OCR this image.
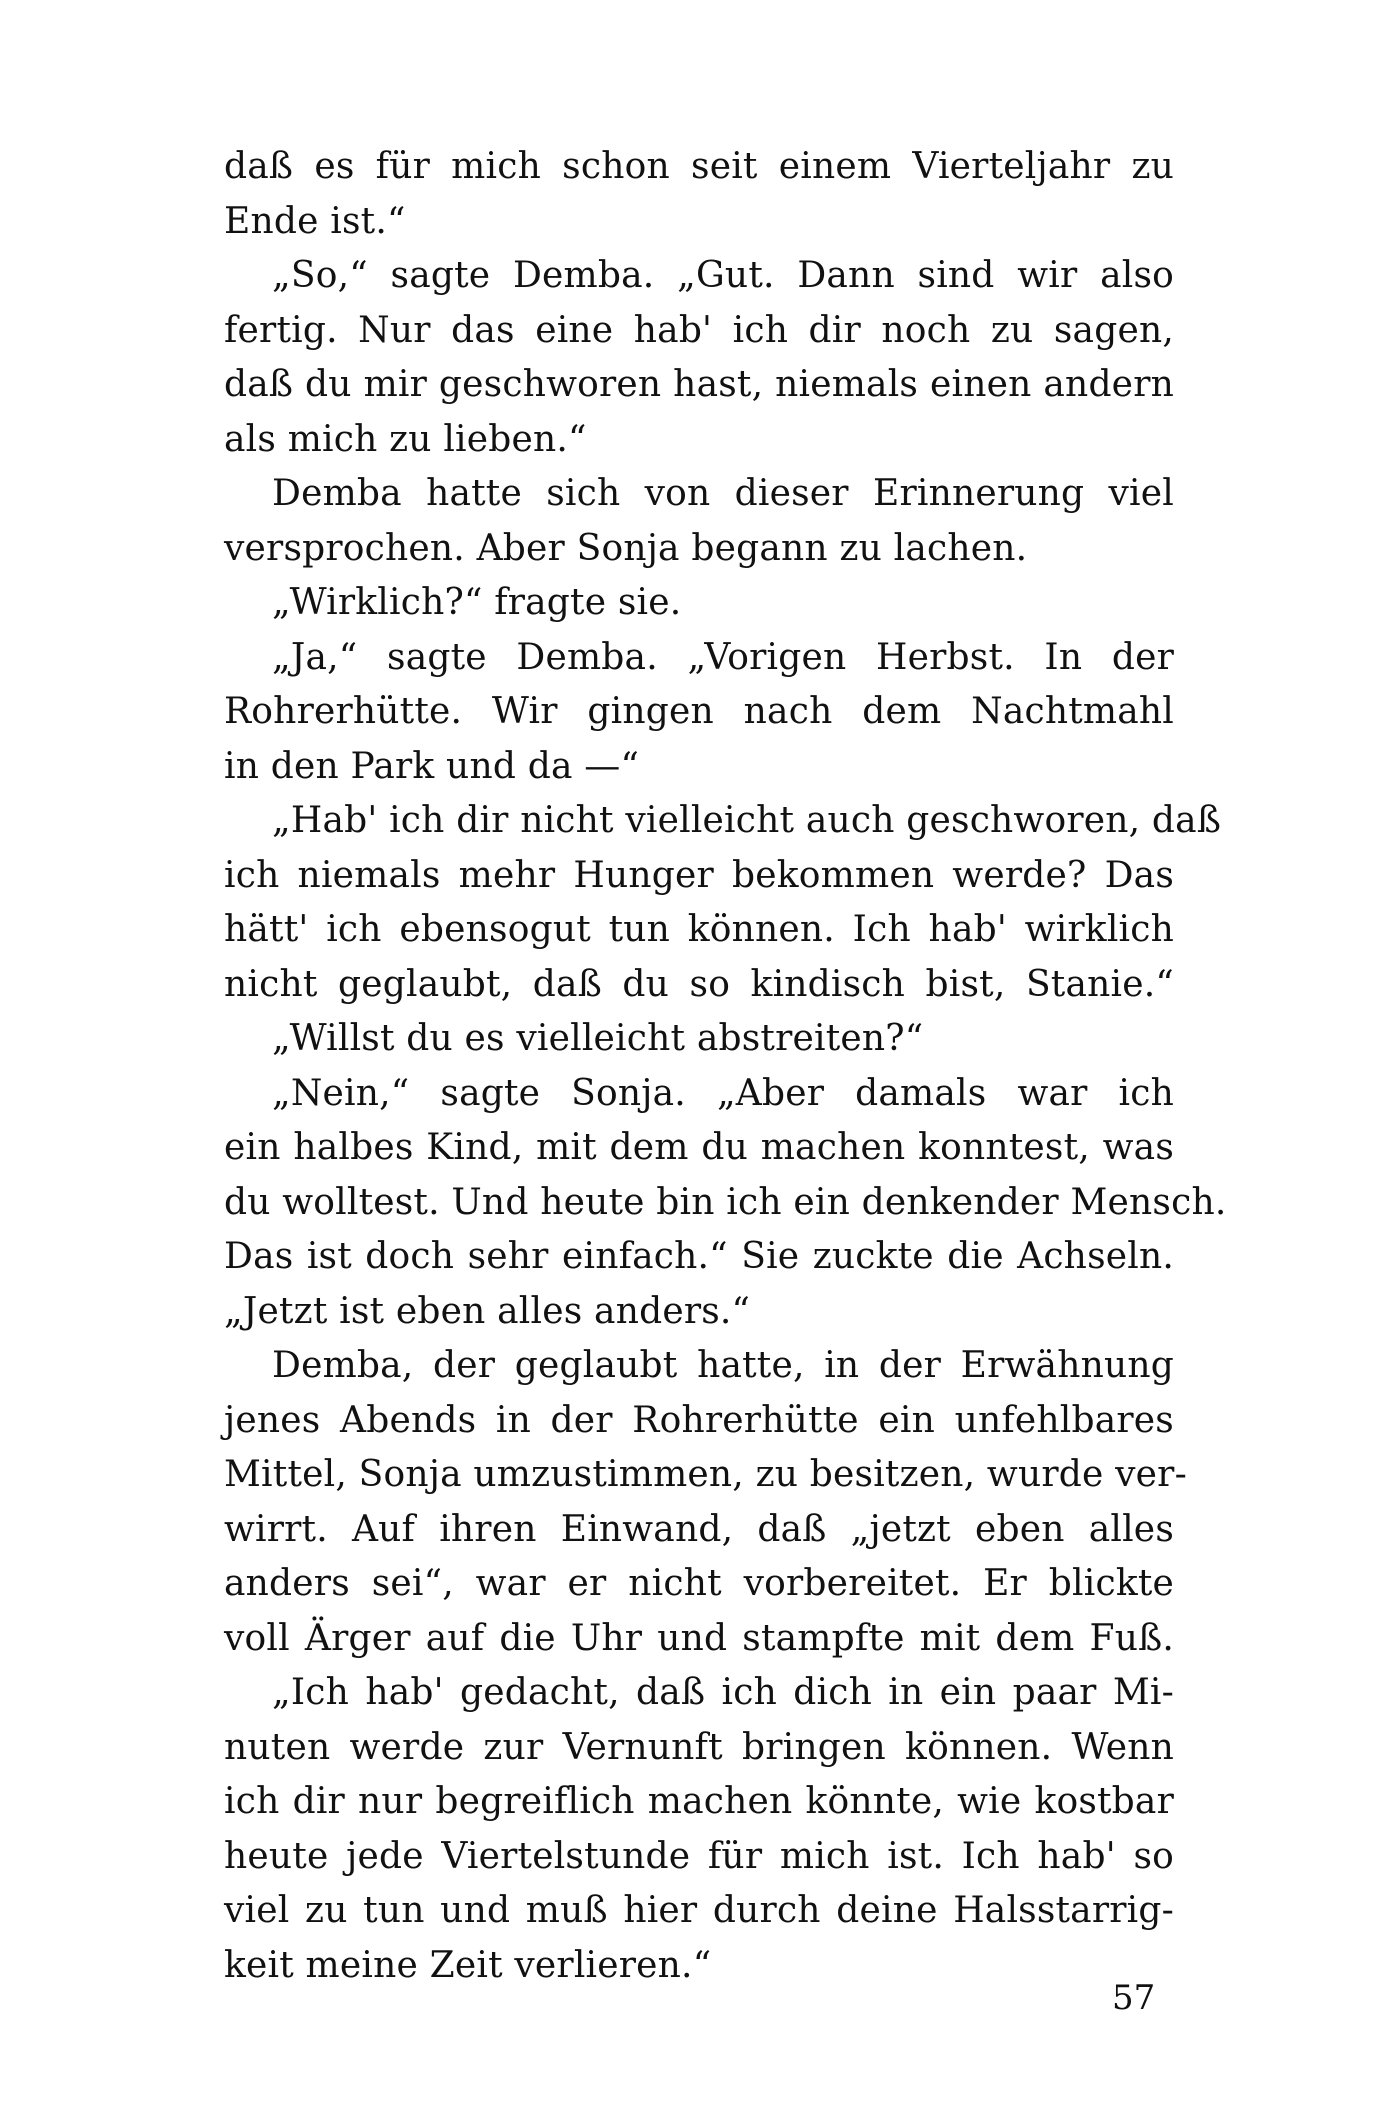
daß es für mich schon seit einem Vierteljahr zu
Ende ist.“
„So,“ sagte Demba. „Gut. Dann sind wir also
fertig. Nur das eine hab' ich dir noch zu sagen,
daß du mir geschworen hast, niemals einen andern
als mich zu lieben.“
Demba hatte sich von dieser Erinnerung viel
versprochen. Aber Sonja begann zu lachen.
„Wirklich?“ fragte sie.
„Ja,“ sagte Demba. „Vorigen Herbst. In der
Rohrerhütte. Wir gingen nach dem Nachtmahl
in den Park und da —“
„Hab' ich dir nicht vielleicht auch geschworen, daß
ich niemals mehr Hunger bekommen werde? Das
hätt' ich ebensogut tun können. Ich hab' wirklich
nicht geglaubt, daß du so kindisch bist, Stanie.“
„Willst du es vielleicht abstreiten?“
„Nein,“ sagte Sonja. „Aber damals war ich
ein halbes Kind, mit dem du machen konntest, was
du wolltest. Und heute bin ich ein denkender Mensch.
Das ist doch sehr einfach.“ Sie zuckte die Achseln.
„Jetzt ist eben alles anders.“
Demba, der geglaubt hatte, in der Erwähnung
jenes Abends in der Rohrerhütte ein unfehlbares
Mittel, Sonja umzustimmen, zu besitzen, wurde ver-
wirrt. Auf ihren Einwand, daß „jetzt eben alles
anders sei“, war er nicht vorbereitet. Er blickte
voll Ärger auf die Uhr und stampfte mit dem Fuß.
„Ich hab' gedacht, daß ich dich in ein paar Mi-
nuten werde zur Vernunft bringen können. Wenn
ich dir nur begreiflich machen könnte, wie kostbar
heute jede Viertelstunde für mich ist. Ich hab' so
viel zu tun und muß hier durch deine Halsstarrig-
keit meine Zeit verlieren.“
57
